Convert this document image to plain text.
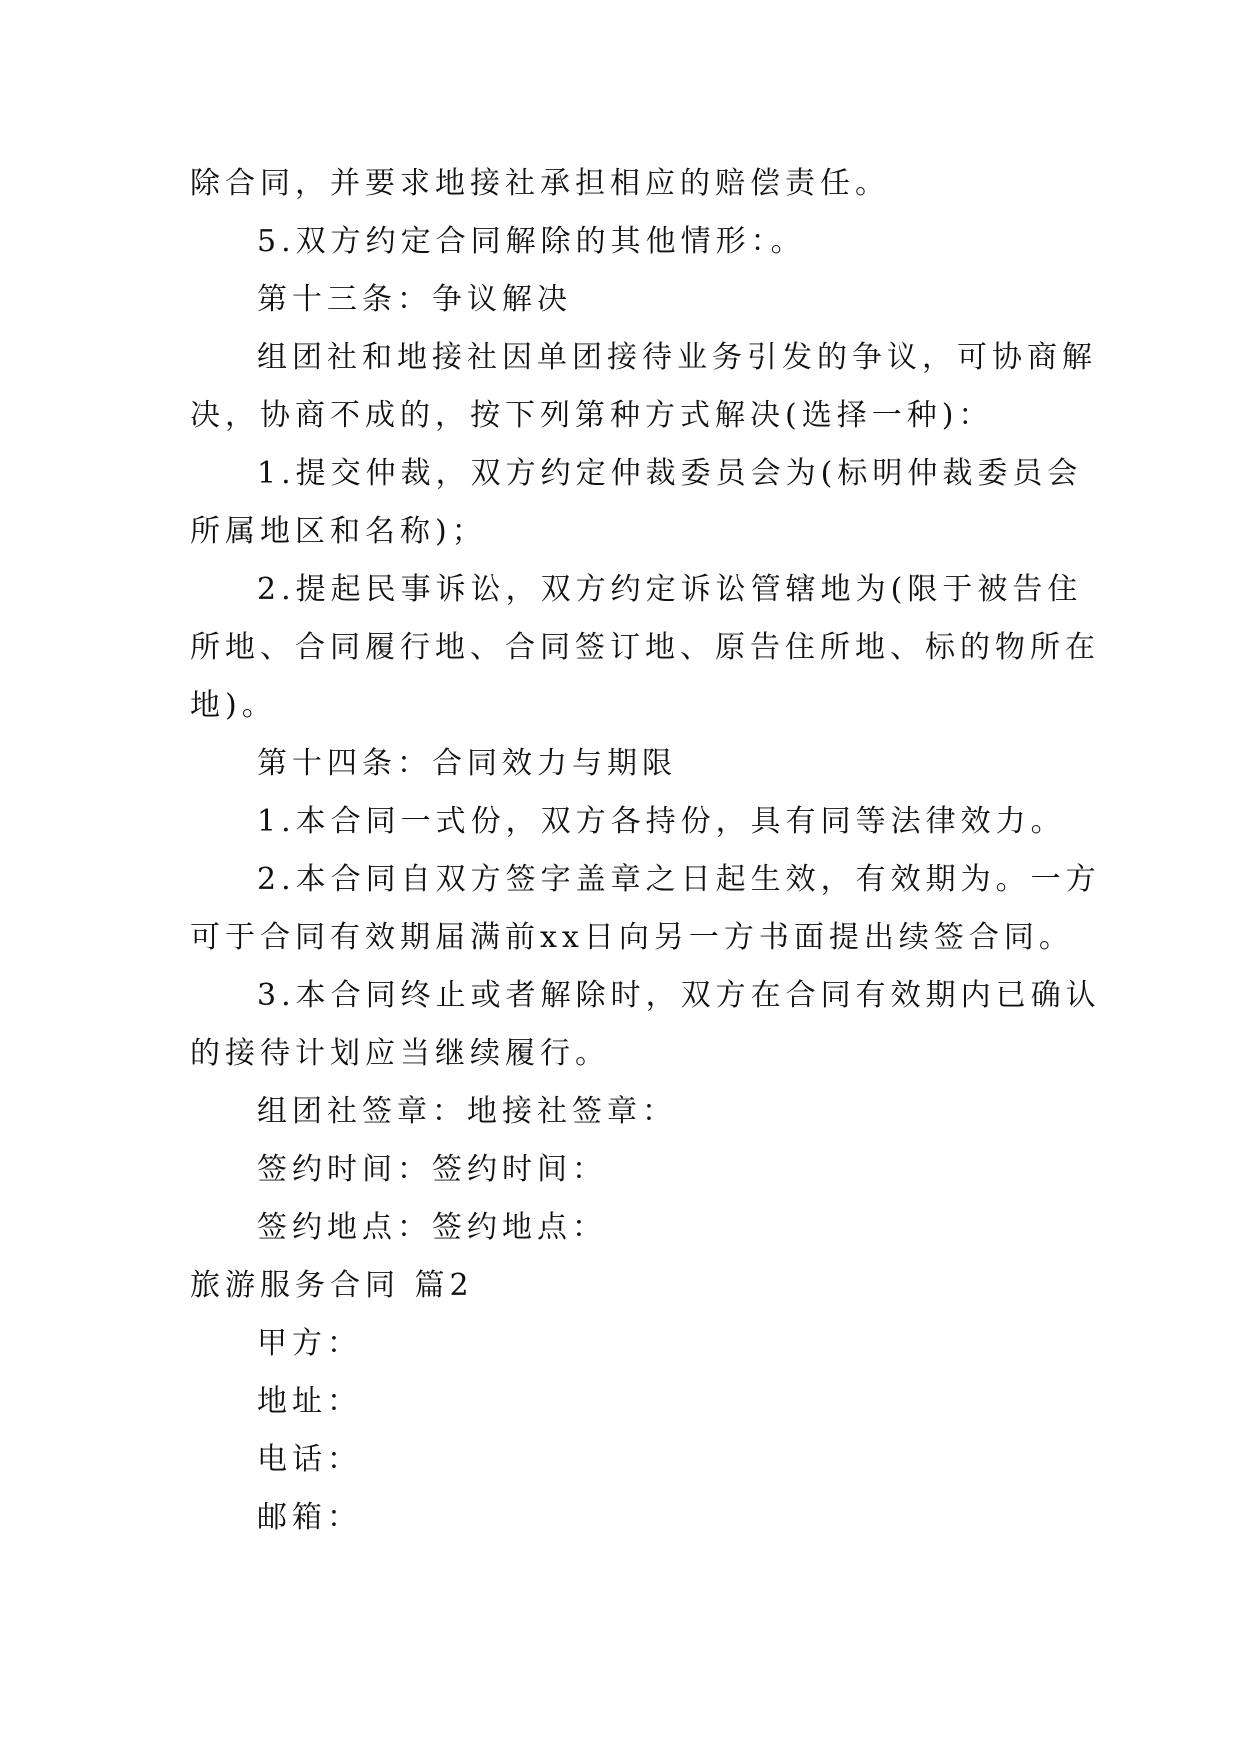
除合同，并要求地接社承担相应的赔偿责任。
5.双方约定合同解除的其他情形：。
第十三条：争议解决
组团社和地接社因单团接待业务引发的争议，可协商解
决，协商不成的，按下列第种方式解决(选择一种)：
1.提交仲裁，双方约定仲裁委员会为(标明仲裁委员会
所属地区和名称)；
2.提起民事诉讼，双方约定诉讼管辖地为(限于被告住
所地、合同履行地、合同签订地、原告住所地、标的物所在
地)。
第十四条：合同效力与期限
1.本合同一式份，双方各持份，具有同等法律效力。
2.本合同自双方签字盖章之日起生效，有效期为。一方
可于合同有效期届满前xx日向另一方书面提出续签合同。
3.本合同终止或者解除时，双方在合同有效期内已确认
的接待计划应当继续履行。
组团社签章：地接社签章：
签约时间：签约时间：
签约地点：签约地点：
旅游服务合同 篇2
甲方：
地址：
电话：
邮箱：
